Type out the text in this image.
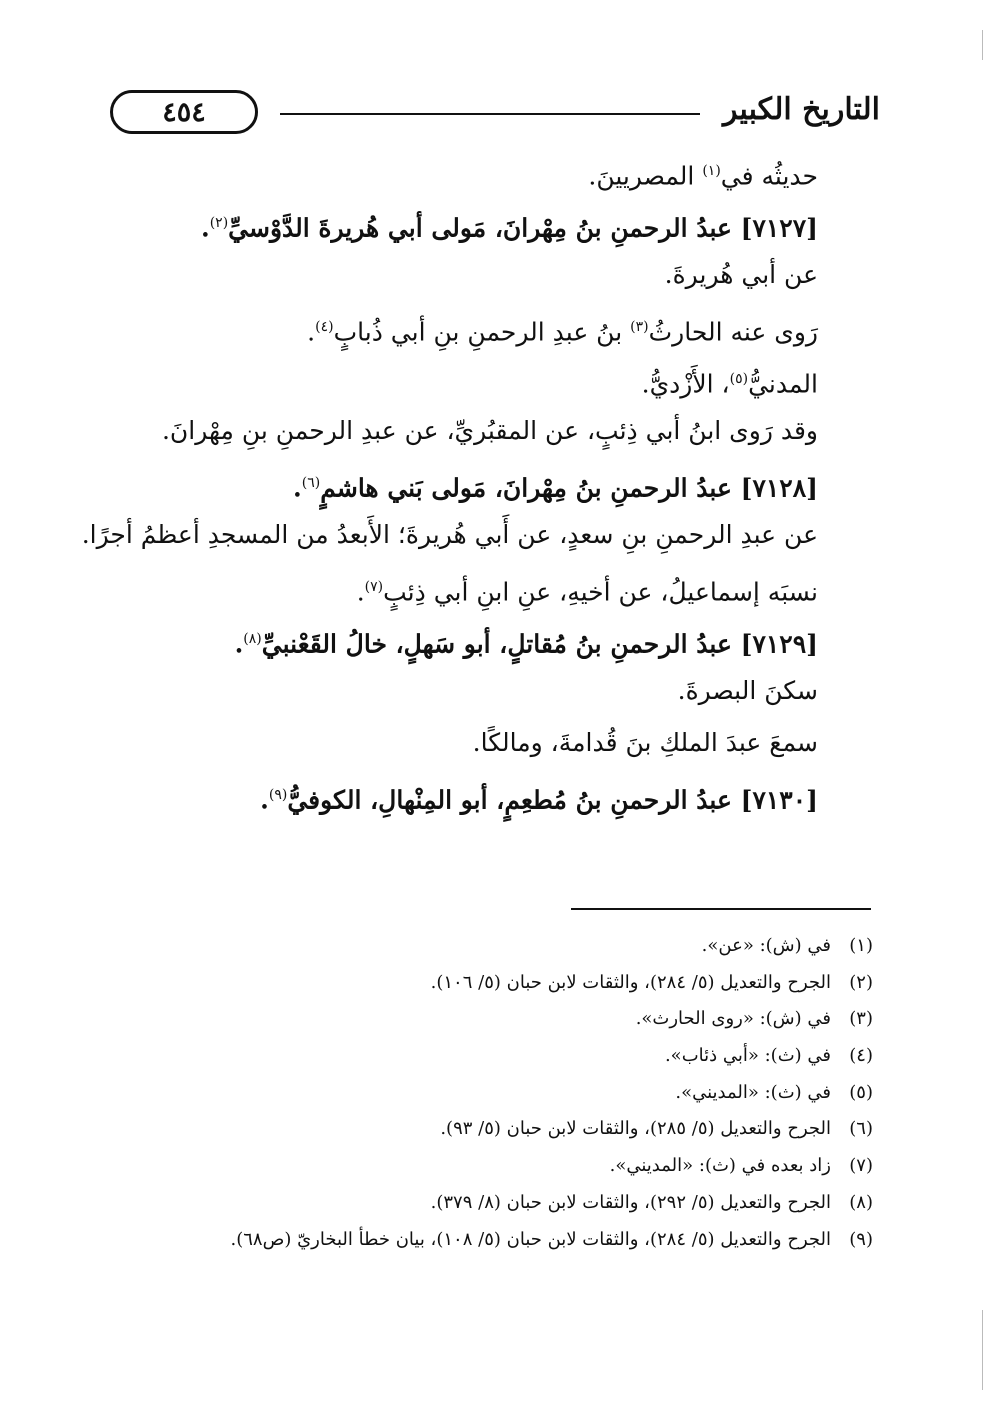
٤٥٤	التاريخ الكبير
حديثُه في$^{(١)}$ المصريينَ.
[٧١٢٧] عبدُ الرحمنِ بنُ مِهْرانَ، مَولى أبي هُريرةَ الدَّوْسيِّ$^{(٢)}$.
عن أبي هُريرةَ.
رَوى عنه الحارثُ$^{(٣)}$ بنُ عبدِ الرحمنِ بنِ أبي ذُبابٍ$^{(٤)}$.
المدنيُّ$^{(٥)}$، الأَزْديُّ.
وقد رَوى ابنُ أبي ذِئبٍ، عن المقبُريِّ، عن عبدِ الرحمنِ بنِ مِهْرانَ.
[٧١٢٨] عبدُ الرحمنِ بنُ مِهْرانَ، مَولى بَني هاشمٍ$^{(٦)}$.
عن عبدِ الرحمنِ بنِ سعدٍ، عن أَبي هُريرةَ؛ الأَبعدُ من المسجدِ أعظمُ أجرًا.
نسبَه إسماعيلُ، عن أخيهِ، عنِ ابنِ أبي ذِئبٍ$^{(٧)}$.
[٧١٢٩] عبدُ الرحمنِ بنُ مُقاتلٍ، أبو سَهلٍ، خالُ القَعْنبيِّ$^{(٨)}$.
سكنَ البصرةَ.
سمعَ عبدَ الملكِ بنَ قُدامةَ، ومالكًا.
[٧١٣٠] عبدُ الرحمنِ بنُ مُطعِمٍ، أبو المِنْهالِ، الكوفيُّ$^{(٩)}$.
(١)في (ش): «عن».
(٢)الجرح والتعديل (٥/ ٢٨٤)، والثقات لابن حبان (٥/ ١٠٦).
(٣)في (ش): «روى الحارث».
(٤)في (ث): «أبي ذئاب».
(٥)في (ث): «المديني».
(٦)الجرح والتعديل (٥/ ٢٨٥)، والثقات لابن حبان (٥/ ٩٣).
(٧)زاد بعده في (ث): «المديني».
(٨)الجرح والتعديل (٥/ ٢٩٢)، والثقات لابن حبان (٨/ ٣٧٩).
(٩)الجرح والتعديل (٥/ ٢٨٤)، والثقات لابن حبان (٥/ ١٠٨)، بيان خطأ البخاريّ (ص٦٨).
